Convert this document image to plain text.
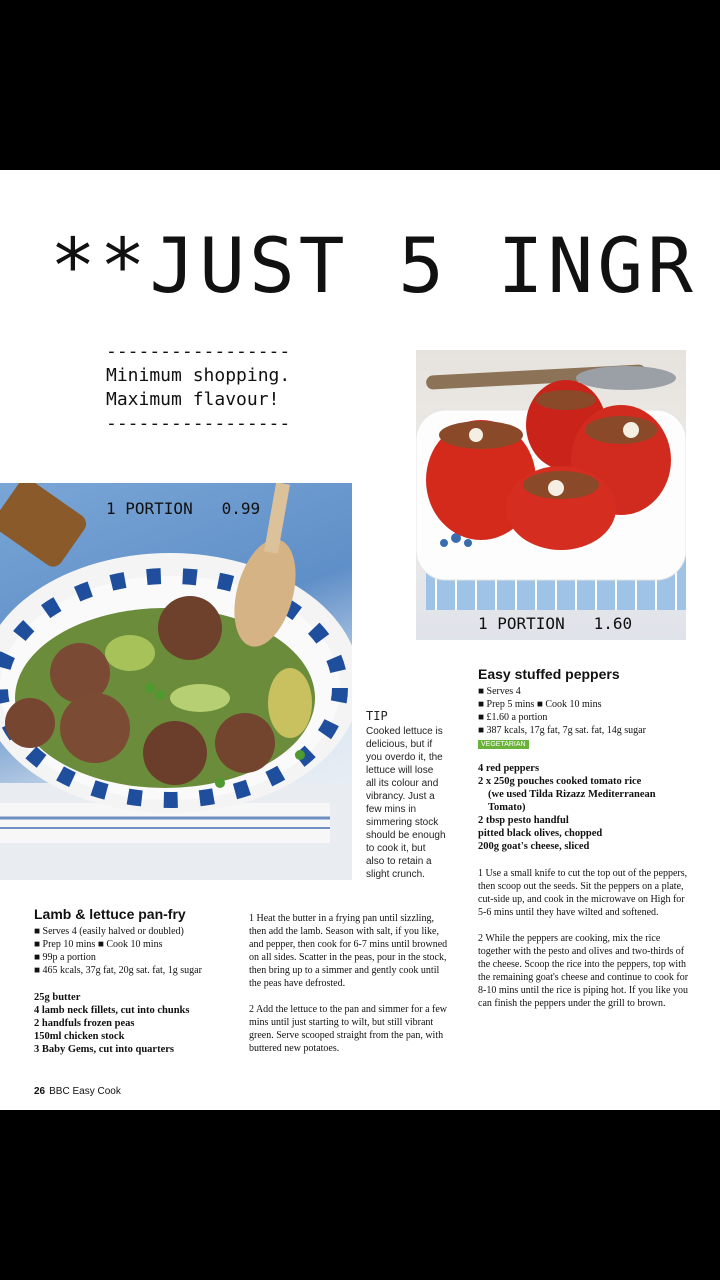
**JUST 5 INGR
-----------------
Minimum shopping.
Maximum flavour!
-----------------
1 PORTION 0.99
1 PORTION 1.60
TIP
Cooked lettuce is delicious, but if you overdo it, the lettuce will lose all its colour and vibrancy. Just a few mins in simmering stock should be enough to cook it, but also to retain a slight crunch.
Lamb & lettuce pan-fry
■ Serves 4 (easily halved or doubled)
■ Prep 10 mins ■ Cook 10 mins
■ 99p a portion
■ 465 kcals, 37g fat, 20g sat. fat, 1g sugar
25g butter
4 lamb neck fillets, cut into chunks
2 handfuls frozen peas
150ml chicken stock
3 Baby Gems, cut into quarters
1 Heat the butter in a frying pan until sizzling, then add the lamb. Season with salt, if you like, and pepper, then cook for 6-7 mins until browned on all sides. Scatter in the peas, pour in the stock, then bring up to a simmer and gently cook until the peas have defrosted.
2 Add the lettuce to the pan and simmer for a few mins until just starting to wilt, but still vibrant green. Serve scooped straight from the pan, with buttered new potatoes.
Easy stuffed peppers
■ Serves 4
■ Prep 5 mins ■ Cook 10 mins
■ £1.60 a portion
■ 387 kcals, 17g fat, 7g sat. fat, 14g sugar
VEGETARIAN
4 red peppers
2 x 250g pouches cooked tomato rice
(we used Tilda Rizazz Mediterranean Tomato)
2 tbsp pesto handful
pitted black olives, chopped
200g goat's cheese, sliced
1 Use a small knife to cut the top out of the peppers, then scoop out the seeds. Sit the peppers on a plate, cut-side up, and cook in the microwave on High for 5-6 mins until they have wilted and softened.
2 While the peppers are cooking, mix the rice together with the pesto and olives and two-thirds of the cheese. Scoop the rice into the peppers, top with the remaining goat's cheese and continue to cook for 8-10 mins until the rice is piping hot. If you like you can finish the peppers under the grill to brown.
26 BBC Easy Cook
